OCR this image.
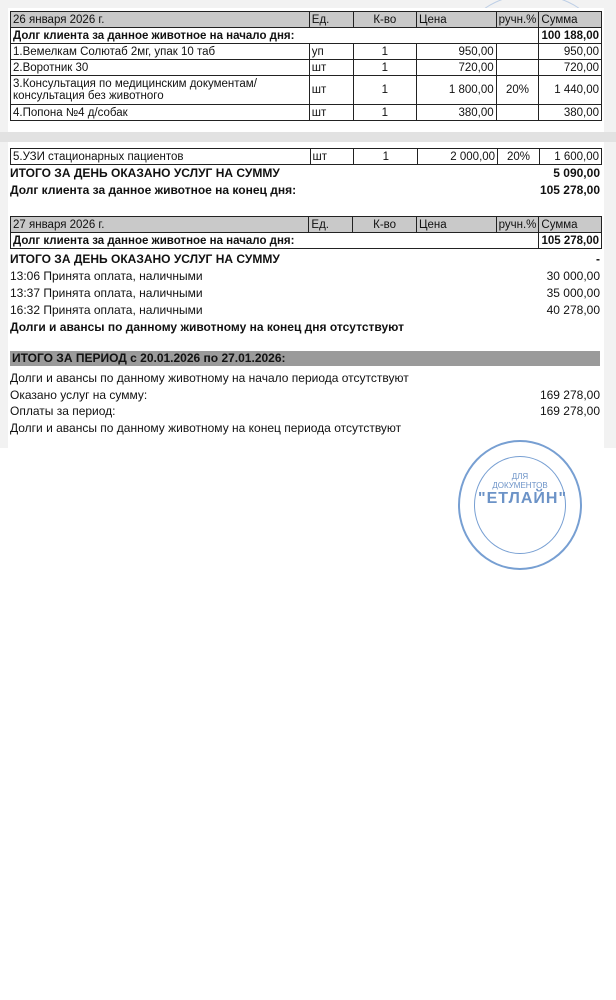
26 января 2026 г.	Ед.	К-во	Цена	ручн.%	Сумма
Долг клиента за данное животное на начало дня:					100 188,00
1.Вемелкам Солютаб 2мг, упак 10 таб	уп	1	950,00		950,00
2.Воротник 30	шт	1	720,00		720,00
3.Консультация по медицинским документам/ консультация без животного	шт	1	1 800,00	20%	1 440,00
4.Попона №4 д/собак	шт	1	380,00		380,00
5.УЗИ стационарных пациентов	шт	1	2 000,00	20%	1 600,00
ИТОГО ЗА ДЕНЬ ОКАЗАНО УСЛУГ НА СУММУ	5 090,00
Долг клиента за данное животное на конец дня:	105 278,00
27 января 2026 г.	Ед.	К-во	Цена	ручн.%	Сумма
Долг клиента за данное животное на начало дня:					105 278,00
ИТОГО ЗА ДЕНЬ ОКАЗАНО УСЛУГ НА СУММУ	-
13:06 Принята оплата, наличными	30 000,00
13:37 Принята оплата, наличными	35 000,00
16:32 Принята оплата, наличными	40 278,00
Долги и авансы по данному животному на конец дня отсутствуют
ИТОГО ЗА ПЕРИОД с 20.01.2026 по 27.01.2026:
Долги и авансы по данному животному на начало периода отсутствуют
Оказано услуг на сумму:	169 278,00
Оплаты за период:	169 278,00
Долги и авансы по данному животному на конец периода отсутствуют
ДЛЯ ДОКУМЕНТОВ
"ЕТЛАЙН"
